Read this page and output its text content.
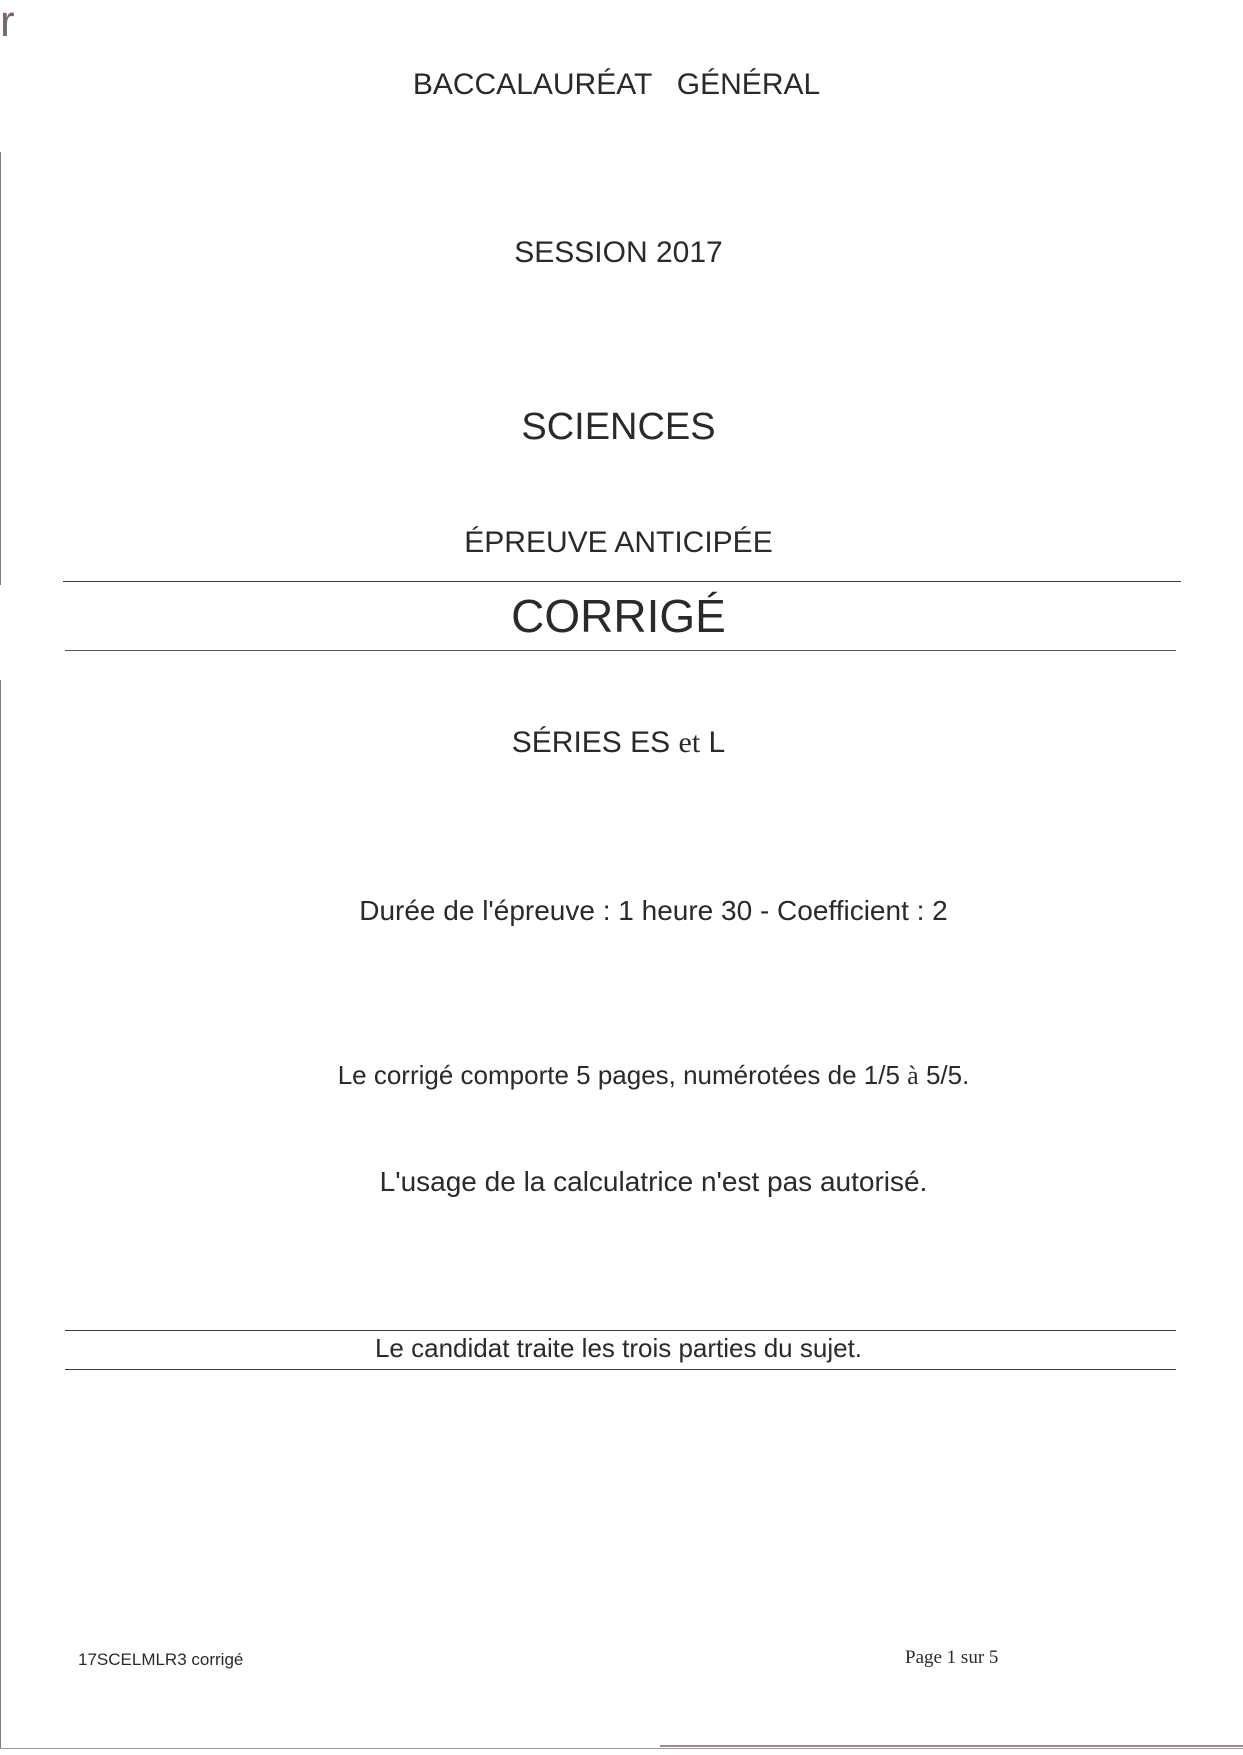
r
BACCALAURÉAT   GÉNÉRAL
SESSION 2017
SCIENCES
ÉPREUVE ANTICIPÉE
CORRIGÉ
SÉRIES ES et L
Durée de l'épreuve : 1 heure 30 - Coefficient : 2
Le corrigé comporte 5 pages, numérotées de 1/5 à 5/5.
L'usage de la calculatrice n'est pas autorisé.
Le candidat traite les trois parties du sujet.
17SCELMLR3 corrigé	Page 1 sur 5
